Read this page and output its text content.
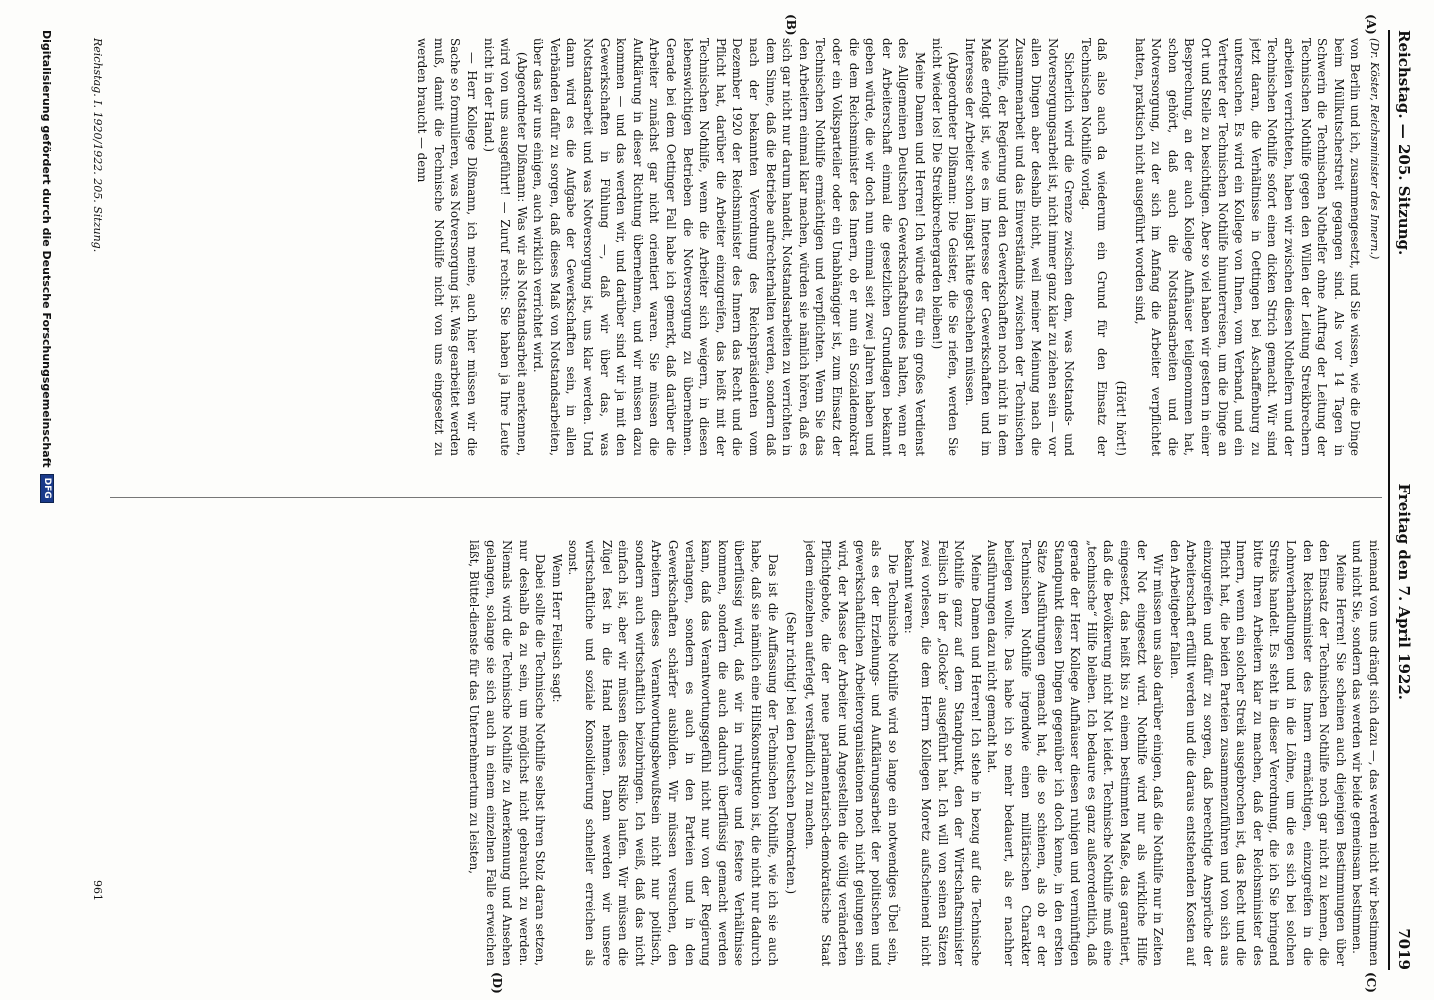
Reichstag. — 205. Sitzung.
Freitag den 7. April 1922.
7019
(A)
(B)
(C)
(D)

(Dr. Köster, Reichsminister des Innern.)

von Berlin und ich, zusammengesetzt, und Sie wissen, wie die Dinge beim Müllkutscherstreit gegangen sind. Als vor 14 Tagen in Schwerin die Technischen Nothelfer ohne Auftrag der Leitung der Technischen Nothilfe gegen den Willen der Leitung Streikbrechern arbeiten verrichteten, haben wir zwischen diesen Nothelfern und der Technischen Nothilfe sofort einen dicken Strich gemacht. Wir sind jetzt daran, die Verhältnisse in Oettingen bei Aschaffenburg zu untersuchen. Es wird ein Kollege von Ihnen, vom Verband, und ein Vertreter der Technischen Nothilfe hinunterreisen, um die Dinge an Ort und Stelle zu besichtigen. Aber so viel haben wir gestern in einer Besprechung, an der auch Kollege Aufhäuser teilgenommen hat, schon gehört, daß auch die Notstandsarbeiten und die Notversorgung, zu der sich im Anfang die Arbeiter verpflichtet hatten, praktisch nicht ausgeführt worden sind,

(Hört! hört!)

daß also auch da wiederum ein Grund für den Einsatz der Technischen Nothilfe vorlag.

Sicherlich wird die Grenze zwischen dem, was Notstands- und Notversorgungsarbeit ist, nicht immer ganz klar zu ziehen sein — vor allen Dingen aber deshalb nicht, weil meiner Meinung nach die Zusammenarbeit und das Einverständnis zwischen der Technischen Nothilfe, der Regierung und den Gewerkschaften noch nicht in dem Maße erfolgt ist, wie es im Interesse der Gewerkschaften und im Interesse der Arbeiter schon längst hätte geschehen müssen.

(Abgeordneter Dißmann: Die Geister, die Sie riefen, werden Sie nicht wieder los! Die Streikbrechergarden bleiben!)

Meine Damen und Herren! Ich würde es für ein großes Verdienst des Allgemeinen Deutschen Gewerkschaftsbundes halten, wenn er der Arbeiterschaft einmal die gesetzlichen Grundlagen bekannt geben würde, die wir doch nun einmal seit zwei Jahren haben und die dem Reichsminister des Innern, ob er nun ein Sozialdemokrat oder ein Volksparteiler oder ein Unabhängiger ist, zum Einsatz der Technischen Nothilfe ermächtigen und verpflichten. Wenn Sie das den Arbeitern einmal klar machen, würden sie nämlich hören, daß es sich gar nicht nur darum handelt, Notstandsarbeiten zu verrichten in dem Sinne, daß die Betriebe aufrechterhalten werden, sondern daß nach der bekannten Verordnung des Reichspräsidenten vom Dezember 1920 der Reichsminister des Innern das Recht und die Pflicht hat, darüber die Arbeiter einzugreifen, das heißt mit der Technischen Nothilfe, wenn die Arbeiter sich weigern, in diesen lebenswichtigen Betrieben die Notversorgung zu übernehmen. Gerade bei dem Oettinger Fall habe ich gemerkt, daß darüber die Arbeiter zunächst gar nicht orientiert waren. Sie müssen die Aufklärung in dieser Richtung übernehmen, und wir müssen dazu kommen — und das werden wir, und darüber sind wir ja mit den Gewerkschaften in Fühlung —, daß wir über das, was Notstandsarbeit und was Notversorgung ist, uns klar werden. Und dann wird es die Aufgabe der Gewerkschaften sein, in allen Verbänden dafür zu sorgen, daß dieses Maß von Notstandsarbeiten, über das wir uns einigen, auch wirklich verrichtet wird.

(Abgeordneter Dißmann: Was wir als Notstandsarbeit anerkennen, wird von uns ausgeführt! — Zuruf rechts: Sie haben ja Ihre Leute nicht in der Hand.)

— Herr Kollege Dißmann, ich meine, auch hier müssen wir die Sache so formulieren, was Notversorgung ist. Was gearbeitet werden muß, damit die Technische Nothilfe nicht von uns eingesetzt zu werden braucht — denn

niemand von uns drängt sich dazu —, das werden nicht wir bestimmen und nicht Sie, sondern das werden wir beide gemeinsam bestimmen.

Meine Herren! Sie scheinen auch diejenigen Bestimmungen über den Einsatz der Technischen Nothilfe noch gar nicht zu kennen, die den Reichsminister des Innern ermächtigen, einzugreifen in die Lohnverhandlungen und in die Löhne, um die es sich bei solchen Streiks handelt. Es steht in dieser Verordnung, die ich Sie bringend bitte Ihren Arbeitern klar zu machen, daß der Reichsminister des Innern, wenn ein solcher Streik ausgebrochen ist, das Recht und die Pflicht hat, die beiden Parteien zusammenzuführen und von sich aus einzugreifen und dafür zu sorgen, daß berechtigte Ansprüche der Arbeiterschaft erfüllt werden und die daraus entstehenden Kosten auf den Arbeitgeber fallen.

Wir müssen uns also darüber einigen, daß die Nothilfe nur in Zeiten der Not eingesetzt wird. Nothilfe wird nur als wirkliche Hilfe eingesetzt, das heißt bis zu einem bestimmten Maße, das garantiert, daß die Bevölkerung nicht Not leidet. Technische Nothilfe muß eine „technische“ Hilfe bleiben. Ich bedaure es ganz außerordentlich, daß gerade der Herr Kollege Aufhäuser diesen ruhigen und vernünftigen Standpunkt diesen Dingen gegenüber ich doch kenne, in den ersten Sätze Ausführungen gemacht hat, die so schienen, als ob er der Technischen Nothilfe irgendwie einen militärischen Charakter beilegen wollte. Das habe ich so mehr bedauert, als er nachher Ausführungen dazu nicht gemacht hat.

Meine Damen und Herren! Ich stehe in bezug auf die Technische Nothilfe ganz auf dem Standpunkt, den der Wirtschaftsminister Feilisch in der „Glocke“ ausgeführt hat. Ich will von seinen Sätzen zwei vorlesen, die dem Herrn Kollegen Moretz aufscheinend nicht bekannt waren:

Die Technische Nothilfe wird so lange ein notwendiges Übel sein, als es der Erziehungs- und Aufklärungsarbeit der politischen und gewerkschaftlichen Arbeiterorganisationen noch nicht gelungen sein wird, der Masse der Arbeiter und Angestellten die völlig veränderten Pflichtgebote, die der neue parlamentarisch-demokratische Staat jedem einzelnen auferlegt, verständlich zu machen.

(Sehr richtig! bei den Deutschen Demokraten.)

Das ist die Auffassung der Technischen Nothilfe, wie ich sie auch habe, daß sie nämlich eine Hilfskonstruktion ist, die nicht nur dadurch überflüssig wird, daß wir in ruhigere und festere Verhältnisse kommen, sondern die auch dadurch überflüssig gemacht werden kann, daß das Verantwortungsgefühl nicht nur von der Regierung verlangen, sondern es auch in den Parteien und in den Gewerkschaften schärfer ausbilden. Wir müssen versuchen, den Arbeitern dieses Verantwortungsbewußtsein nicht nur politisch, sondern auch wirtschaftlich beizubringen. Ich weiß, daß das nicht einfach ist, aber wir müssen dieses Risiko laufen. Wir müssen die Zügel fest in die Hand nehmen. Dann werden wir unsere wirtschaftliche und soziale Konsolidierung schneller erreichen als sonst.

Wenn Herr Feilisch sagt:

Dabei sollte die Technische Nothilfe selbst ihren Stolz daran setzen, nur deshalb da zu sein, um möglichst nicht gebraucht zu werden. Niemals wird die Technische Nothilfe zu Anerkennung und Ansehen gelangen, solange sie sich auch in einem einzelnen Falle erweichen läßt, Büttel-dienste für das Unternehmertum zu leisten,

Reichstag. I. 1920/1922. 205. Sitzung.
961
Digitalisierung gefördert durch die Deutsche Forschungsgemeinschaft
DFG
